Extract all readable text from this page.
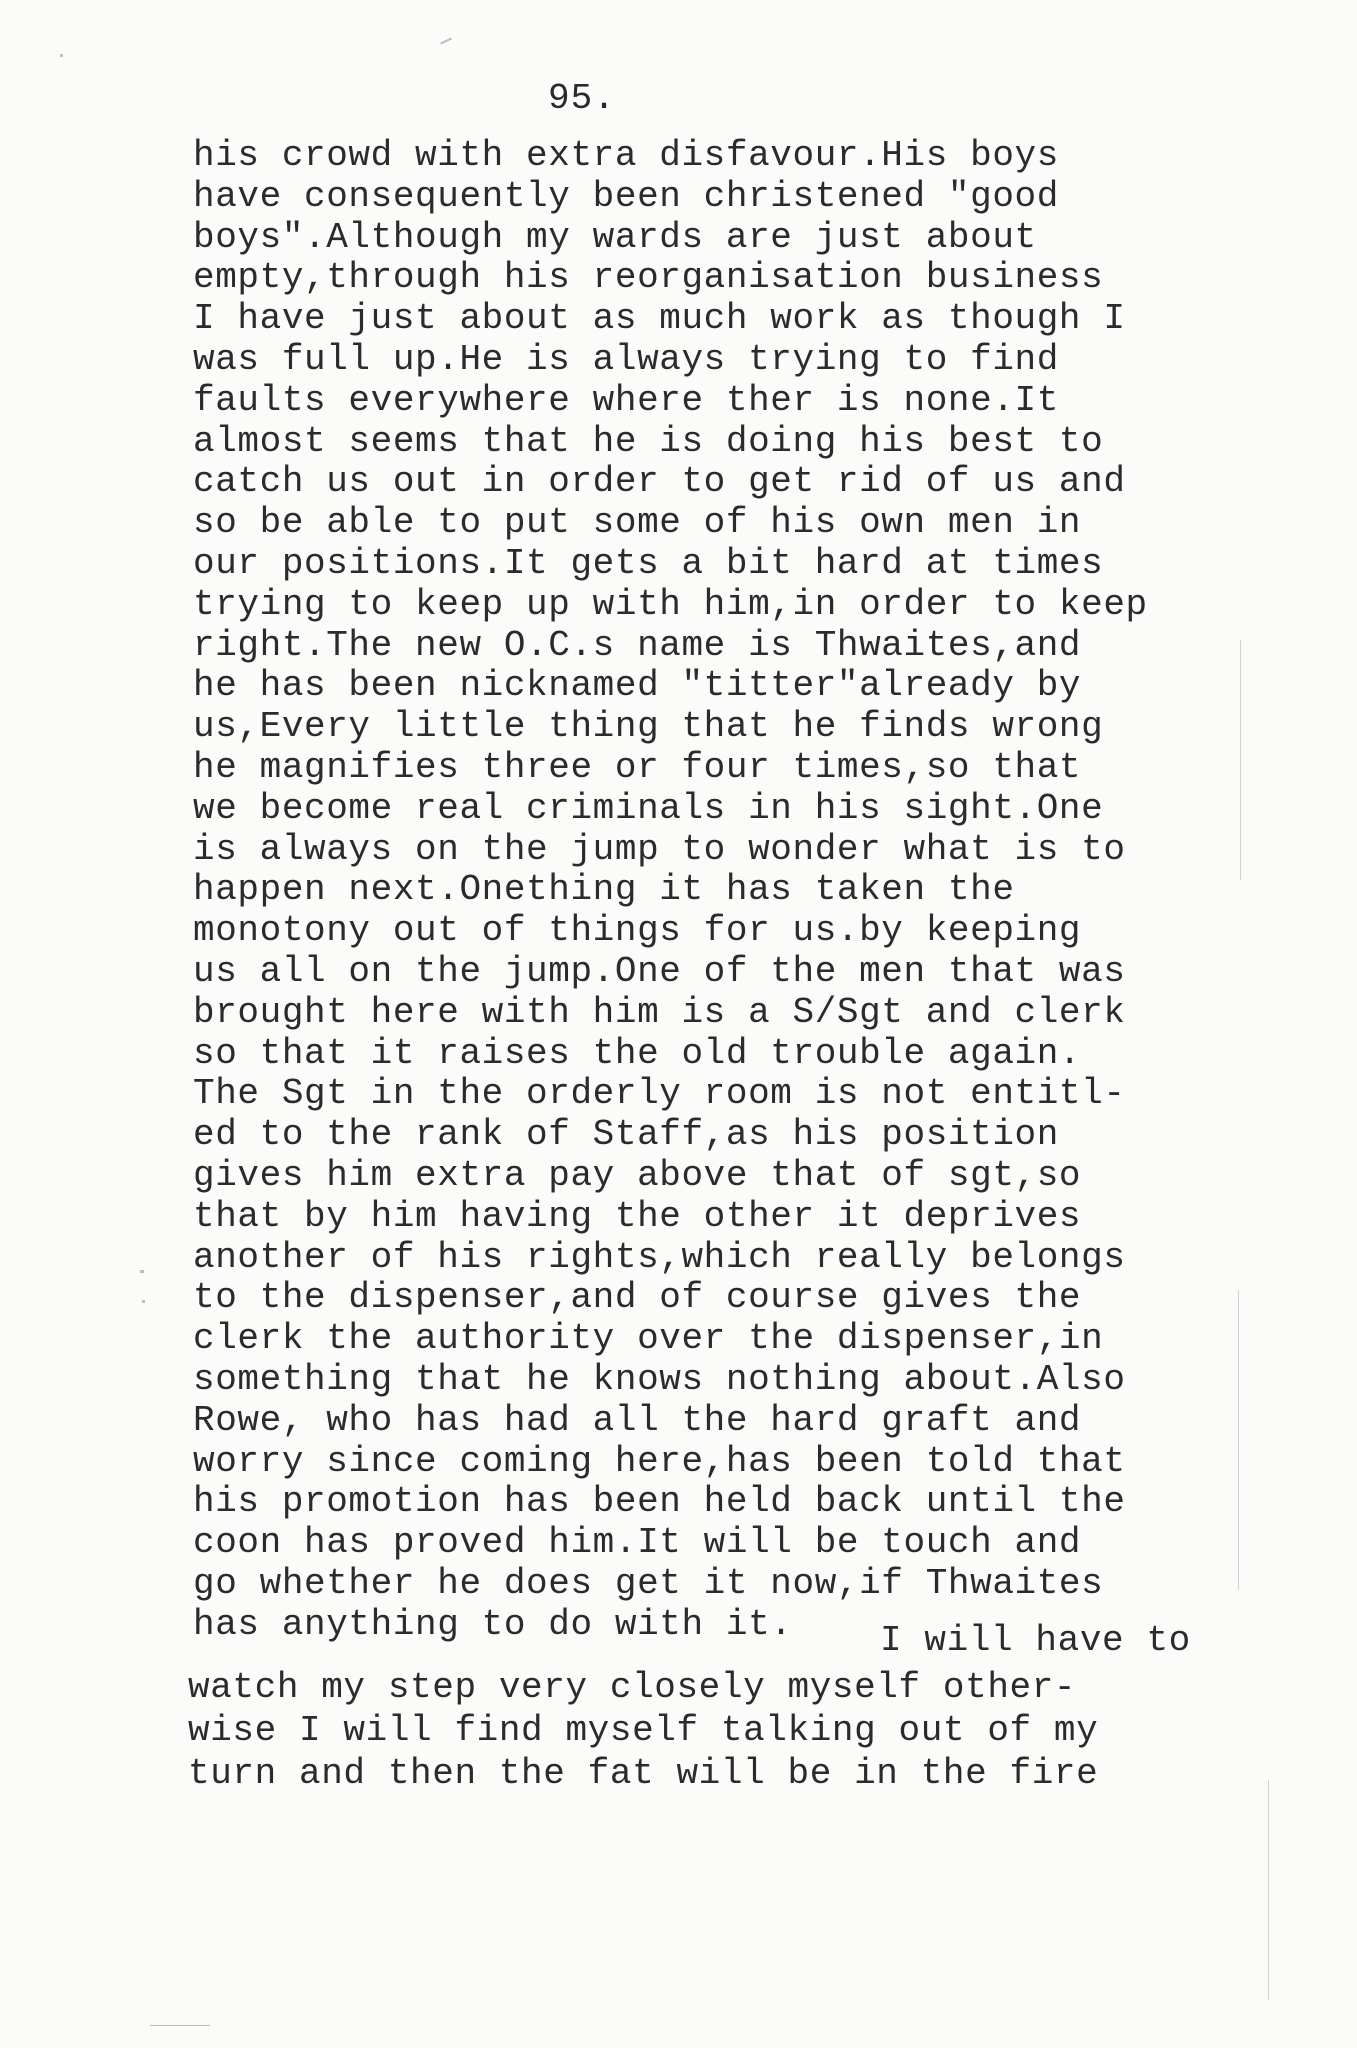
95.
his crowd with extra disfavour.His boys
have consequently been christened "good
boys".Although my wards are just about
empty,through his reorganisation business
I have just about as much work as though I
was full up.He is always trying to find
faults everywhere where ther is none.It
almost seems that he is doing his best to
catch us out in order to get rid of us and
so be able to put some of his own men in
our positions.It gets a bit hard at times
trying to keep up with him,in order to keep
right.The new O.C.s name is Thwaites,and
he has been nicknamed "titter"already by
us,Every little thing that he finds wrong
he magnifies three or four times,so that
we become real criminals in his sight.One
is always on the jump to wonder what is to
happen next.Onething it has taken the
monotony out of things for us.by keeping
us all on the jump.One of the men that was
brought here with him is a S/Sgt and clerk
so that it raises the old trouble again.
The Sgt in the orderly room is not entitl-
ed to the rank of Staff,as his position
gives him extra pay above that of sgt,so
that by him having the other it deprives
another of his rights,which really belongs
to the dispenser,and of course gives the
clerk the authority over the dispenser,in
something that he knows nothing about.Also
Rowe, who has had all the hard graft and
worry since coming here,has been told that
his promotion has been held back until the
coon has proved him.It will be touch and
go whether he does get it now,if Thwaites
has anything to do with it.	I will have to
watch my step very closely myself other-
wise I will find myself talking out of my
turn and then the fat will be in the fire
